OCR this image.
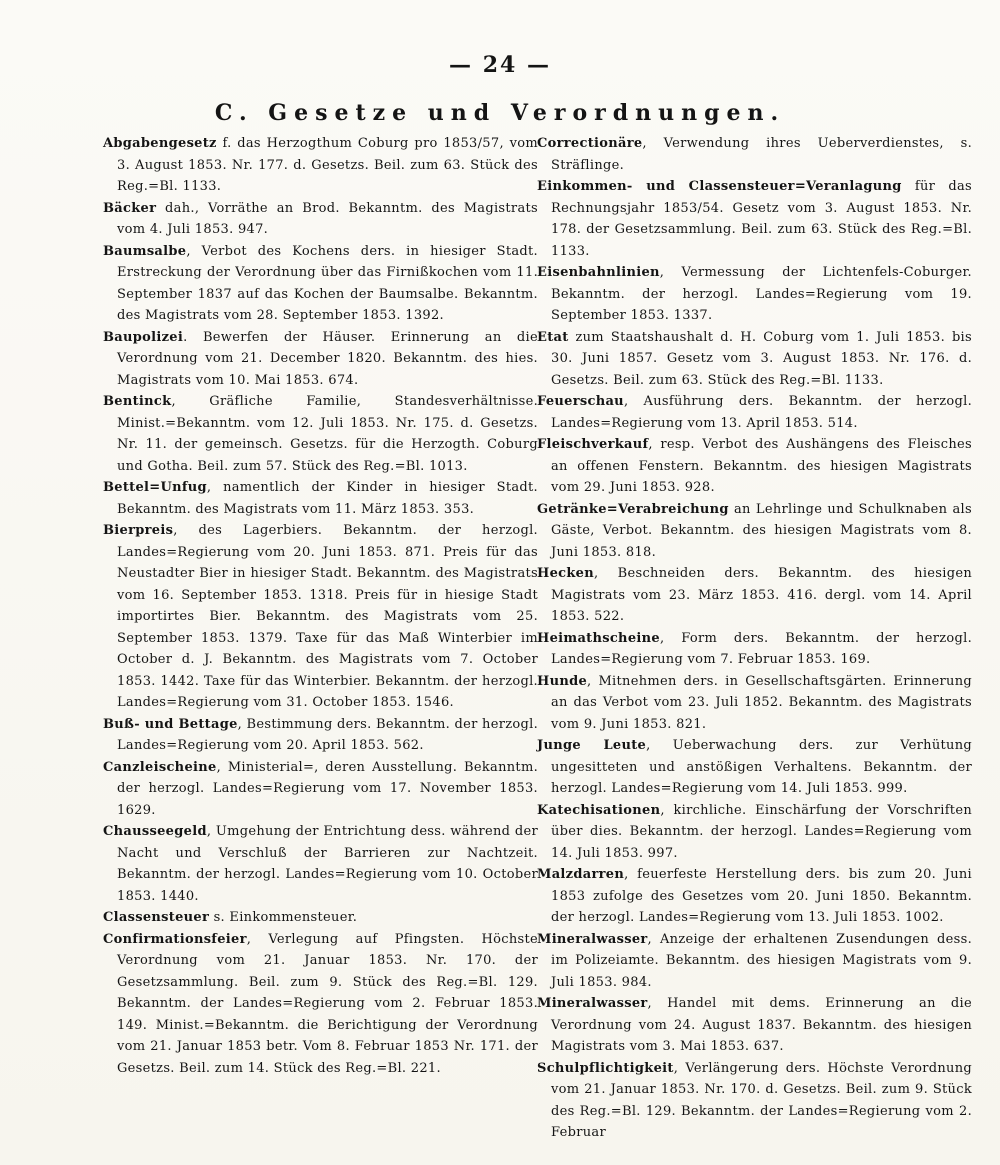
— 24 —
C. Gesetze und Verordnungen.

Abgabengesetz f. das Herzogthum Coburg pro 1853/57, vom 3. August 1853. Nr. 177. d. Gesetzs. Beil. zum 63. Stück des Reg.=Bl. 1133.

Bäcker dah., Vorräthe an Brod. Bekanntm. des Magistrats vom 4. Juli 1853. 947.

Baumsalbe, Verbot des Kochens ders. in hiesiger Stadt. Erstreckung der Verordnung über das Firnißkochen vom 11. September 1837 auf das Kochen der Baumsalbe. Bekanntm. des Magistrats vom 28. September 1853. 1392.

Baupolizei. Bewerfen der Häuser. Erinnerung an die Verordnung vom 21. December 1820. Bekanntm. des hies. Magistrats vom 10. Mai 1853. 674.

Bentinck, Gräfliche Familie, Standesverhältnisse. Minist.=Bekanntm. vom 12. Juli 1853. Nr. 175. d. Gesetzs. Nr. 11. der gemeinsch. Gesetzs. für die Herzogth. Coburg und Gotha. Beil. zum 57. Stück des Reg.=Bl. 1013.

Bettel=Unfug, namentlich der Kinder in hiesiger Stadt. Bekanntm. des Magistrats vom 11. März 1853. 353.

Bierpreis, des Lagerbiers. Bekanntm. der herzogl. Landes=Regierung vom 20. Juni 1853. 871. Preis für das Neustadter Bier in hiesiger Stadt. Bekanntm. des Magistrats vom 16. September 1853. 1318. Preis für in hiesige Stadt importirtes Bier. Bekanntm. des Magistrats vom 25. September 1853. 1379. Taxe für das Maß Winterbier im October d. J. Bekanntm. des Magistrats vom 7. October 1853. 1442. Taxe für das Winterbier. Bekanntm. der herzogl. Landes=Regierung vom 31. October 1853. 1546.

Buß- und Bettage, Bestimmung ders. Bekanntm. der herzogl. Landes=Regierung vom 20. April 1853. 562.

Canzleischeine, Ministerial=, deren Ausstellung. Bekanntm. der herzogl. Landes=Regierung vom 17. November 1853. 1629.

Chausseegeld, Umgehung der Entrichtung dess. während der Nacht und Verschluß der Barrieren zur Nachtzeit. Bekanntm. der herzogl. Landes=Regierung vom 10. October 1853. 1440.

Classensteuer s. Einkommensteuer.

Confirmationsfeier, Verlegung auf Pfingsten. Höchste Verordnung vom 21. Januar 1853. Nr. 170. der Gesetzsammlung. Beil. zum 9. Stück des Reg.=Bl. 129. Bekanntm. der Landes=Regierung vom 2. Februar 1853. 149. Minist.=Bekanntm. die Berichtigung der Verordnung vom 21. Januar 1853 betr. Vom 8. Februar 1853 Nr. 171. der Gesetzs. Beil. zum 14. Stück des Reg.=Bl. 221.

Correctionäre, Verwendung ihres Ueberverdienstes, s. Sträflinge.

Einkommen- und Classensteuer=Veranlagung für das Rechnungsjahr 1853/54. Gesetz vom 3. August 1853. Nr. 178. der Gesetzsammlung. Beil. zum 63. Stück des Reg.=Bl. 1133.

Eisenbahnlinien, Vermessung der Lichtenfels-Coburger. Bekanntm. der herzogl. Landes=Regierung vom 19. September 1853. 1337.

Etat zum Staatshaushalt d. H. Coburg vom 1. Juli 1853. bis 30. Juni 1857. Gesetz vom 3. August 1853. Nr. 176. d. Gesetzs. Beil. zum 63. Stück des Reg.=Bl. 1133.

Feuerschau, Ausführung ders. Bekanntm. der herzogl. Landes=Regierung vom 13. April 1853. 514.

Fleischverkauf, resp. Verbot des Aushängens des Fleisches an offenen Fenstern. Bekanntm. des hiesigen Magistrats vom 29. Juni 1853. 928.

Getränke=Verabreichung an Lehrlinge und Schulknaben als Gäste, Verbot. Bekanntm. des hiesigen Magistrats vom 8. Juni 1853. 818.

Hecken, Beschneiden ders. Bekanntm. des hiesigen Magistrats vom 23. März 1853. 416. dergl. vom 14. April 1853. 522.

Heimathscheine, Form ders. Bekanntm. der herzogl. Landes=Regierung vom 7. Februar 1853. 169.

Hunde, Mitnehmen ders. in Gesellschaftsgärten. Erinnerung an das Verbot vom 23. Juli 1852. Bekanntm. des Magistrats vom 9. Juni 1853. 821.

Junge Leute, Ueberwachung ders. zur Verhütung ungesitteten und anstößigen Verhaltens. Bekanntm. der herzogl. Landes=Regierung vom 14. Juli 1853. 999.

Katechisationen, kirchliche. Einschärfung der Vorschriften über dies. Bekanntm. der herzogl. Landes=Regierung vom 14. Juli 1853. 997.

Malzdarren, feuerfeste Herstellung ders. bis zum 20. Juni 1853 zufolge des Gesetzes vom 20. Juni 1850. Bekanntm. der herzogl. Landes=Regierung vom 13. Juli 1853. 1002.

Mineralwasser, Anzeige der erhaltenen Zusendungen dess. im Polizeiamte. Bekanntm. des hiesigen Magistrats vom 9. Juli 1853. 984.

Mineralwasser, Handel mit dems. Erinnerung an die Verordnung vom 24. August 1837. Bekanntm. des hiesigen Magistrats vom 3. Mai 1853. 637.

Schulpflichtigkeit, Verlängerung ders. Höchste Verordnung vom 21. Januar 1853. Nr. 170. d. Gesetzs. Beil. zum 9. Stück des Reg.=Bl. 129. Bekanntm. der Landes=Regierung vom 2. Februar
